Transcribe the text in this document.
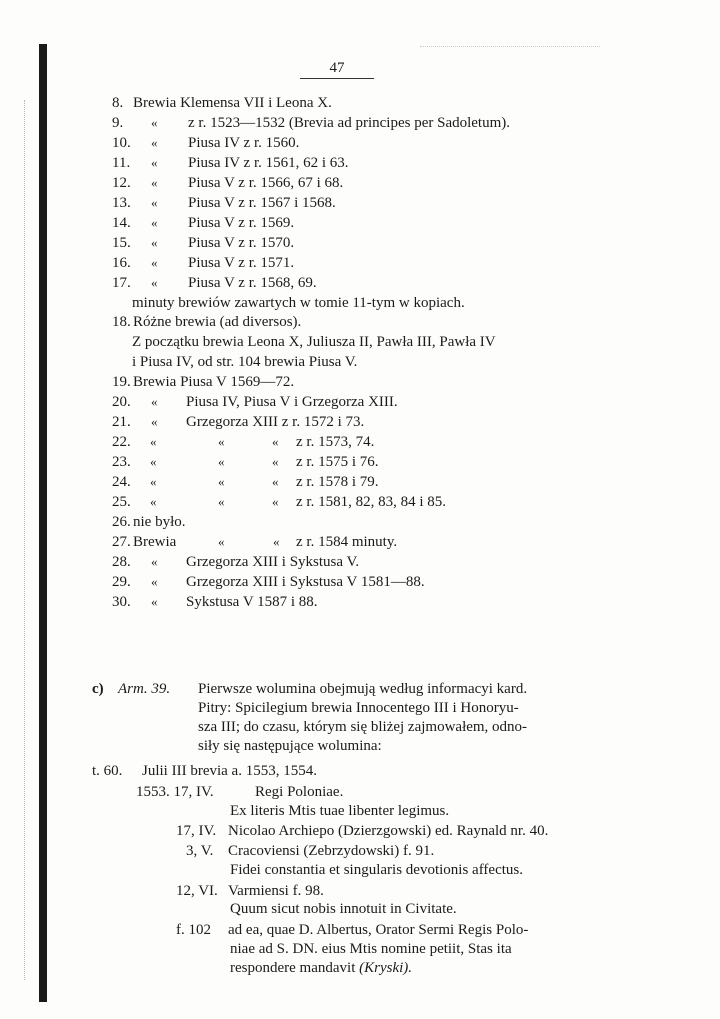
47
8. Brewia Klemensa VII i Leona X.
9. « z r. 1523—1532 (Brevia ad principes per Sadoletum).
10. « Piusa IV z r. 1560.
11. « Piusa IV z r. 1561, 62 i 63.
12. « Piusa V z r. 1566, 67 i 68.
13. « Piusa V z r. 1567 i 1568.
14. « Piusa V z r. 1569.
15. « Piusa V z r. 1570.
16. « Piusa V z r. 1571.
17. « Piusa V z r. 1568, 69.
minuty brewiów zawartych w tomie 11-tym w kopiach.
18. Różne brewia (ad diversos).
Z początku brewia Leona X, Juliusza II, Pawła III, Pawła IV
i Piusa IV, od str. 104 brewia Piusa V.
19. Brewia Piusa V 1569—72.
20. « Piusa IV, Piusa V i Grzegorza XIII.
21. « Grzegorza XIII z r. 1572 i 73.
22. «	«	« z r. 1573, 74.
23. «	«	« z r. 1575 i 76.
24. «	«	« z r. 1578 i 79.
25. «	«	« z r. 1581, 82, 83, 84 i 85.
26. nie było.
27. Brewia	«	« z r. 1584 minuty.
28. « Grzegorza XIII i Sykstusa V.
29. « Grzegorza XIII i Sykstusa V 1581—88.
30. « Sykstusa V 1587 i 88.
c) Arm. 39. Pierwsze wolumina obejmują według informacyi kard.
Pitry: Spicilegium brewia Innocentego III i Honoryu-
sza III; do czasu, którym się bliżej zajmowałem, odno-
siły się następujące wolumina:
t. 60. Julii III brevia a. 1553, 1554.
1553. 17, IV.	Regi Poloniae.
Ex literis Mtis tuae libenter legimus.
17, IV. Nicolao Archiepo (Dzierzgowski) ed. Raynald nr. 40.
3, V. Cracoviensi (Zebrzydowski) f. 91.
Fidei constantia et singularis devotionis affectus.
12, VI. Varmiensi f. 98.
Quum sicut nobis innotuit in Civitate.
f. 102 ad ea, quae D. Albertus, Orator Sermi Regis Polo-
niae ad S. DN. eius Mtis nomine petiit, Stas ita
respondere mandavit (Kryski).
